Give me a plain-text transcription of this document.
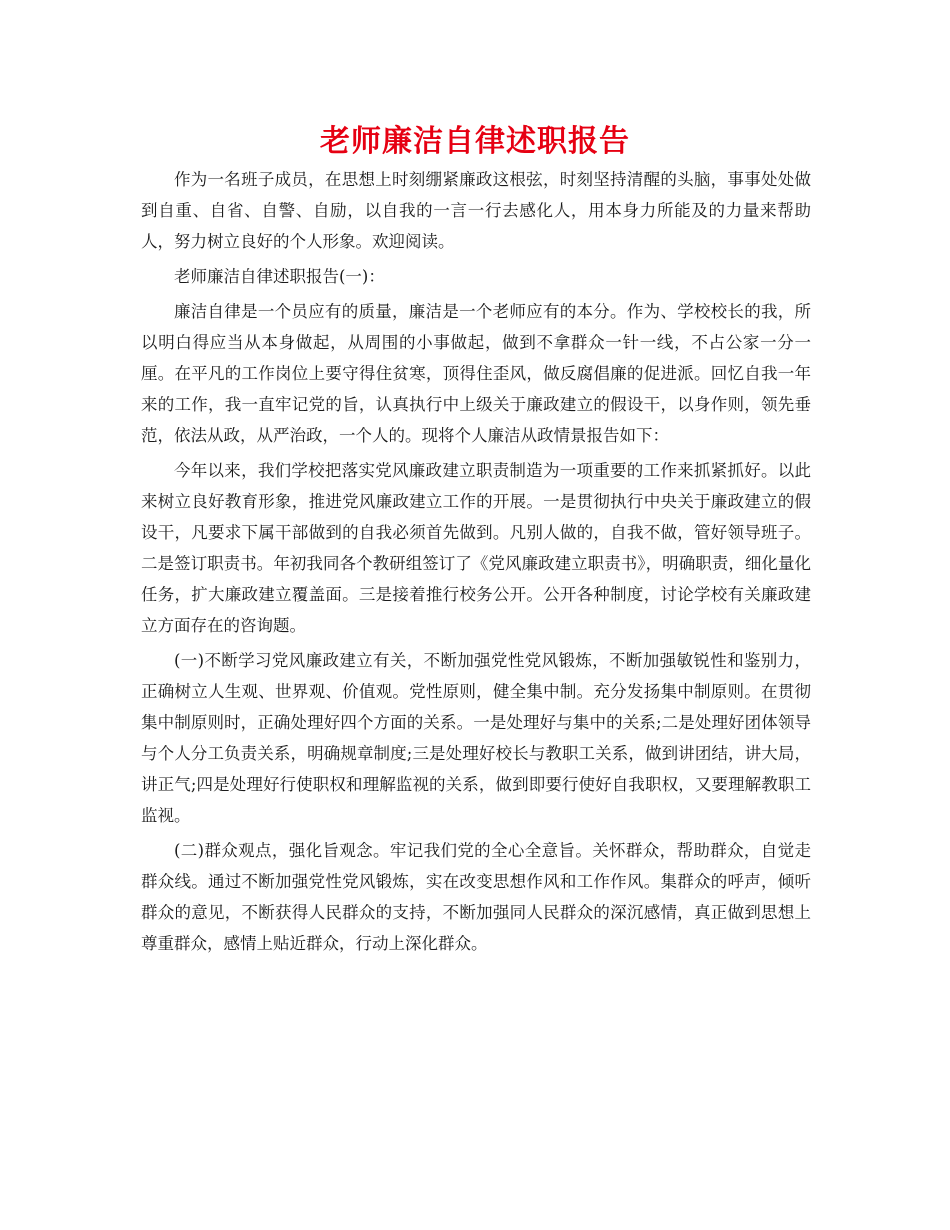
老师廉洁自律述职报告

作为一名班子成员，在思想上时刻绷紧廉政这根弦，时刻坚持清醒的头脑，事事处处做到自重、自省、自警、自励，以自我的一言一行去感化人，用本身力所能及的力量来帮助人，努力树立良好的个人形象。欢迎阅读。

老师廉洁自律述职报告(一)：

廉洁自律是一个员应有的质量，廉洁是一个老师应有的本分。作为、学校校长的我，所以明白得应当从本身做起，从周围的小事做起，做到不拿群众一针一线，不占公家一分一厘。在平凡的工作岗位上要守得住贫寒，顶得住歪风，做反腐倡廉的促进派。回忆自我一年来的工作，我一直牢记党的旨，认真执行中上级关于廉政建立的假设干，以身作则，领先垂范，依法从政，从严治政，一个人的。现将个人廉洁从政情景报告如下：

今年以来，我们学校把落实党风廉政建立职责制造为一项重要的工作来抓紧抓好。以此来树立良好教育形象，推进党风廉政建立工作的开展。一是贯彻执行中央关于廉政建立的假设干，凡要求下属干部做到的自我必须首先做到。凡别人做的，自我不做，管好领导班子。二是签订职责书。年初我同各个教研组签订了《党风廉政建立职责书》，明确职责，细化量化任务，扩大廉政建立覆盖面。三是接着推行校务公开。公开各种制度，讨论学校有关廉政建立方面存在的咨询题。

(一)不断学习党风廉政建立有关，不断加强党性党风锻炼，不断加强敏锐性和鉴别力，正确树立人生观、世界观、价值观。党性原则，健全集中制。充分发扬集中制原则。在贯彻集中制原则时，正确处理好四个方面的关系。一是处理好与集中的关系;二是处理好团体领导与个人分工负责关系，明确规章制度;三是处理好校长与教职工关系，做到讲团结，讲大局，讲正气;四是处理好行使职权和理解监视的关系，做到即要行使好自我职权，又要理解教职工监视。

(二)群众观点，强化旨观念。牢记我们党的全心全意旨。关怀群众，帮助群众，自觉走群众线。通过不断加强党性党风锻炼，实在改变思想作风和工作作风。集群众的呼声，倾听群众的意见，不断获得人民群众的支持，不断加强同人民群众的深沉感情，真正做到思想上尊重群众，感情上贴近群众，行动上深化群众。
